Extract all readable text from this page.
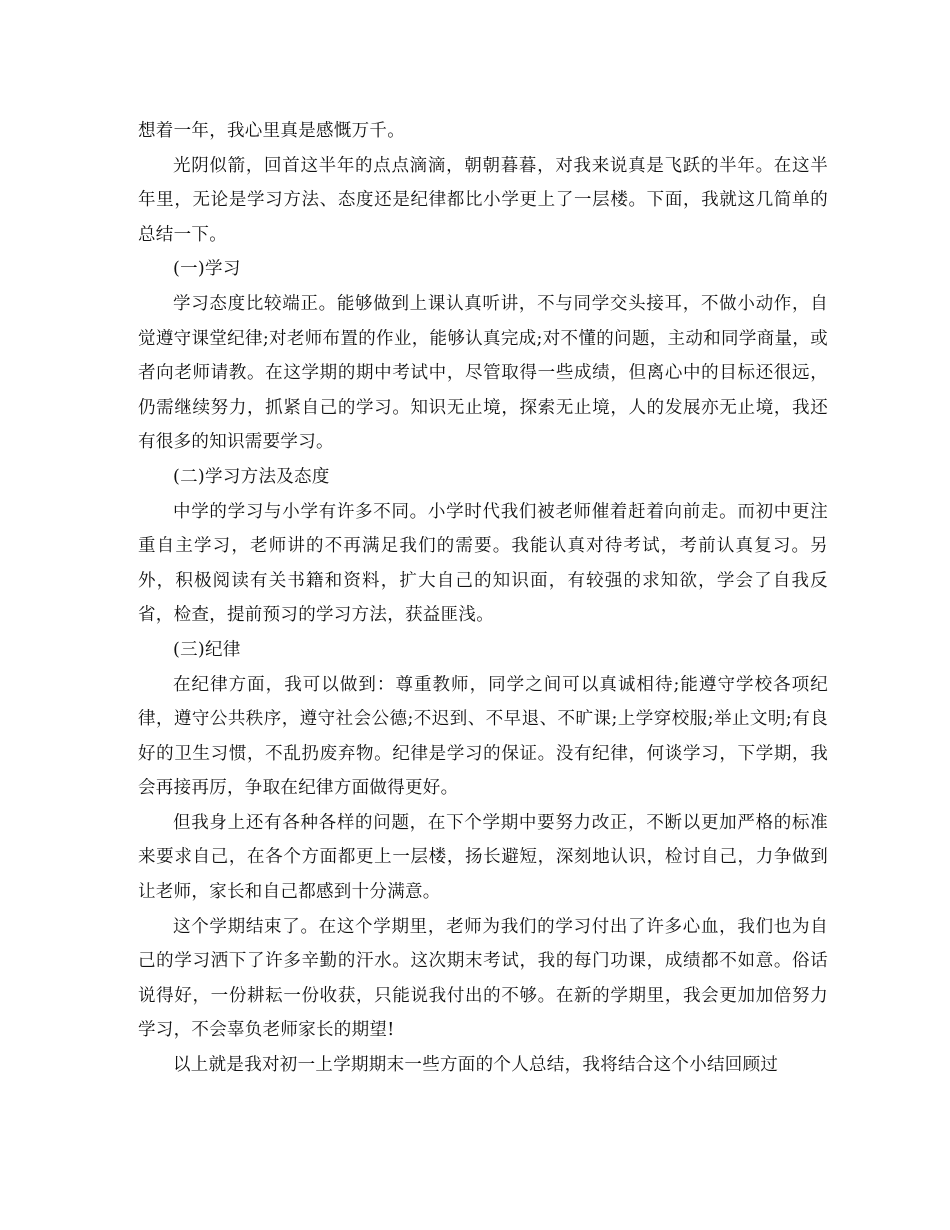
想着一年，我心里真是感慨万千。

光阴似箭，回首这半年的点点滴滴，朝朝暮暮，对我来说真是飞跃的半年。在这半年里，无论是学习方法、态度还是纪律都比小学更上了一层楼。下面，我就这几简单的总结一下。

(一)学习

学习态度比较端正。能够做到上课认真听讲，不与同学交头接耳，不做小动作，自觉遵守课堂纪律;对老师布置的作业，能够认真完成;对不懂的问题，主动和同学商量，或者向老师请教。在这学期的期中考试中，尽管取得一些成绩，但离心中的目标还很远，仍需继续努力，抓紧自己的学习。知识无止境，探索无止境，人的发展亦无止境，我还有很多的知识需要学习。

(二)学习方法及态度

中学的学习与小学有许多不同。小学时代我们被老师催着赶着向前走。而初中更注重自主学习，老师讲的不再满足我们的需要。我能认真对待考试，考前认真复习。另外，积极阅读有关书籍和资料，扩大自己的知识面，有较强的求知欲，学会了自我反省，检查，提前预习的学习方法，获益匪浅。

(三)纪律

在纪律方面，我可以做到：尊重教师，同学之间可以真诚相待;能遵守学校各项纪律，遵守公共秩序，遵守社会公德;不迟到、不早退、不旷课;上学穿校服;举止文明;有良好的卫生习惯，不乱扔废弃物。纪律是学习的保证。没有纪律，何谈学习，下学期，我会再接再厉，争取在纪律方面做得更好。

但我身上还有各种各样的问题，在下个学期中要努力改正，不断以更加严格的标准来要求自己，在各个方面都更上一层楼，扬长避短，深刻地认识，检讨自己，力争做到让老师，家长和自己都感到十分满意。

这个学期结束了。在这个学期里，老师为我们的学习付出了许多心血，我们也为自己的学习洒下了许多辛勤的汗水。这次期末考试，我的每门功课，成绩都不如意。俗话说得好，一份耕耘一份收获，只能说我付出的不够。在新的学期里，我会更加加倍努力学习，不会辜负老师家长的期望!

以上就是我对初一上学期期末一些方面的个人总结，我将结合这个小结回顾过
